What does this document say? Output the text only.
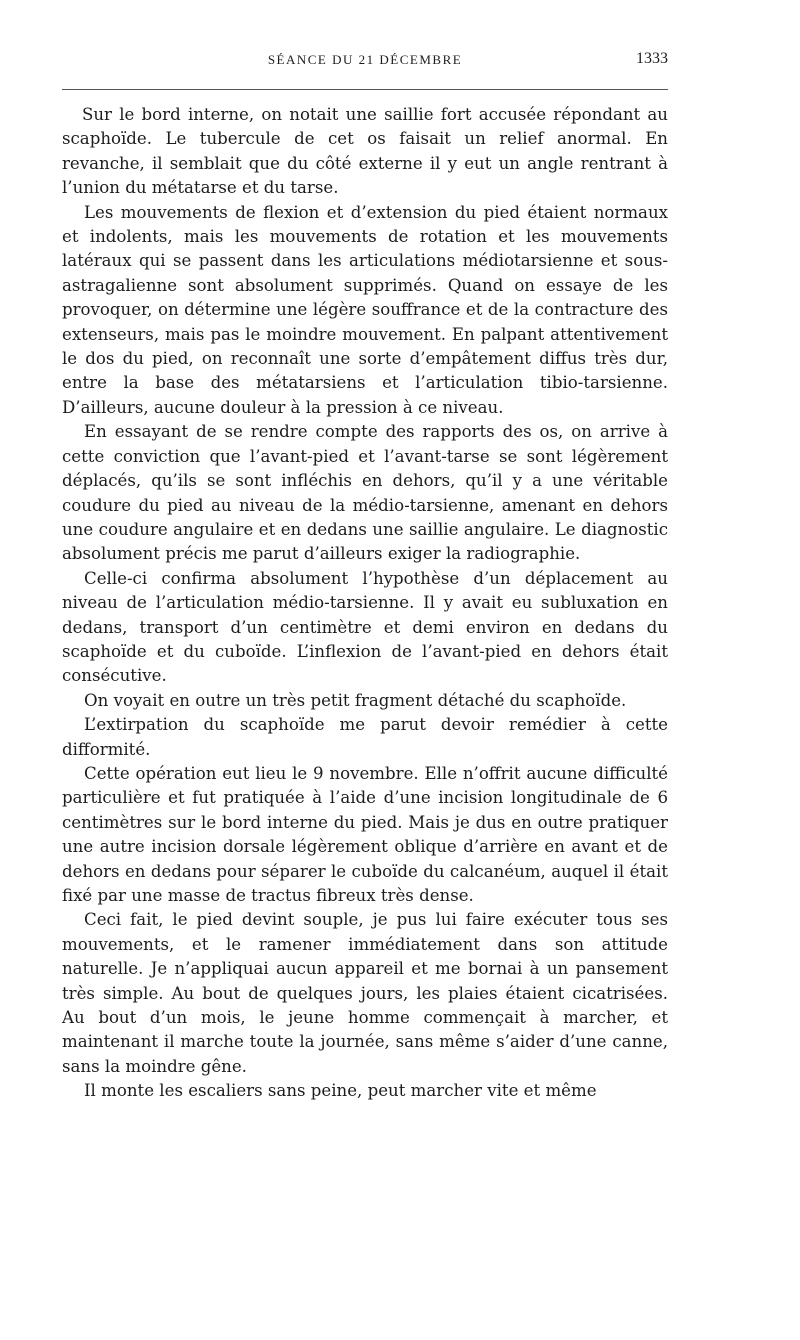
SÉANCE DU 21 DÉCEMBRE	1333

Sur le bord interne, on notait une saillie fort accusée répondant au scaphoïde. Le tubercule de cet os faisait un relief anormal. En revanche, il semblait que du côté externe il y eut un angle rentrant à l’union du métatarse et du tarse.

Les mouvements de flexion et d’extension du pied étaient normaux et indolents, mais les mouvements de rotation et les mouvements latéraux qui se passent dans les articulations médiotarsienne et sous-astragalienne sont absolument supprimés. Quand on essaye de les provoquer, on détermine une légère souffrance et de la contracture des extenseurs, mais pas le moindre mouvement. En palpant attentivement le dos du pied, on reconnaît une sorte d’empâtement diffus très dur, entre la base des métatarsiens et l’articulation tibio-tarsienne. D’ailleurs, aucune douleur à la pression à ce niveau.

En essayant de se rendre compte des rapports des os, on arrive à cette conviction que l’avant-pied et l’avant-tarse se sont légèrement déplacés, qu’ils se sont infléchis en dehors, qu’il y a une véritable coudure du pied au niveau de la médio-tarsienne, amenant en dehors une coudure angulaire et en dedans une saillie angulaire. Le diagnostic absolument précis me parut d’ailleurs exiger la radiographie.

Celle-ci confirma absolument l’hypothèse d’un déplacement au niveau de l’articulation médio-tarsienne. Il y avait eu subluxation en dedans, transport d’un centimètre et demi environ en dedans du scaphoïde et du cuboïde. L’inflexion de l’avant-pied en dehors était consécutive.

On voyait en outre un très petit fragment détaché du scaphoïde.

L’extirpation du scaphoïde me parut devoir remédier à cette difformité.

Cette opération eut lieu le 9 novembre. Elle n’offrit aucune difficulté particulière et fut pratiquée à l’aide d’une incision longitudinale de 6 centimètres sur le bord interne du pied. Mais je dus en outre pratiquer une autre incision dorsale légèrement oblique d’arrière en avant et de dehors en dedans pour séparer le cuboïde du calcanéum, auquel il était fixé par une masse de tractus fibreux très dense.

Ceci fait, le pied devint souple, je pus lui faire exécuter tous ses mouvements, et le ramener immédiatement dans son attitude naturelle. Je n’appliquai aucun appareil et me bornai à un pansement très simple. Au bout de quelques jours, les plaies étaient cicatrisées. Au bout d’un mois, le jeune homme commençait à marcher, et maintenant il marche toute la journée, sans même s’aider d’une canne, sans la moindre gêne.

Il monte les escaliers sans peine, peut marcher vite et même
